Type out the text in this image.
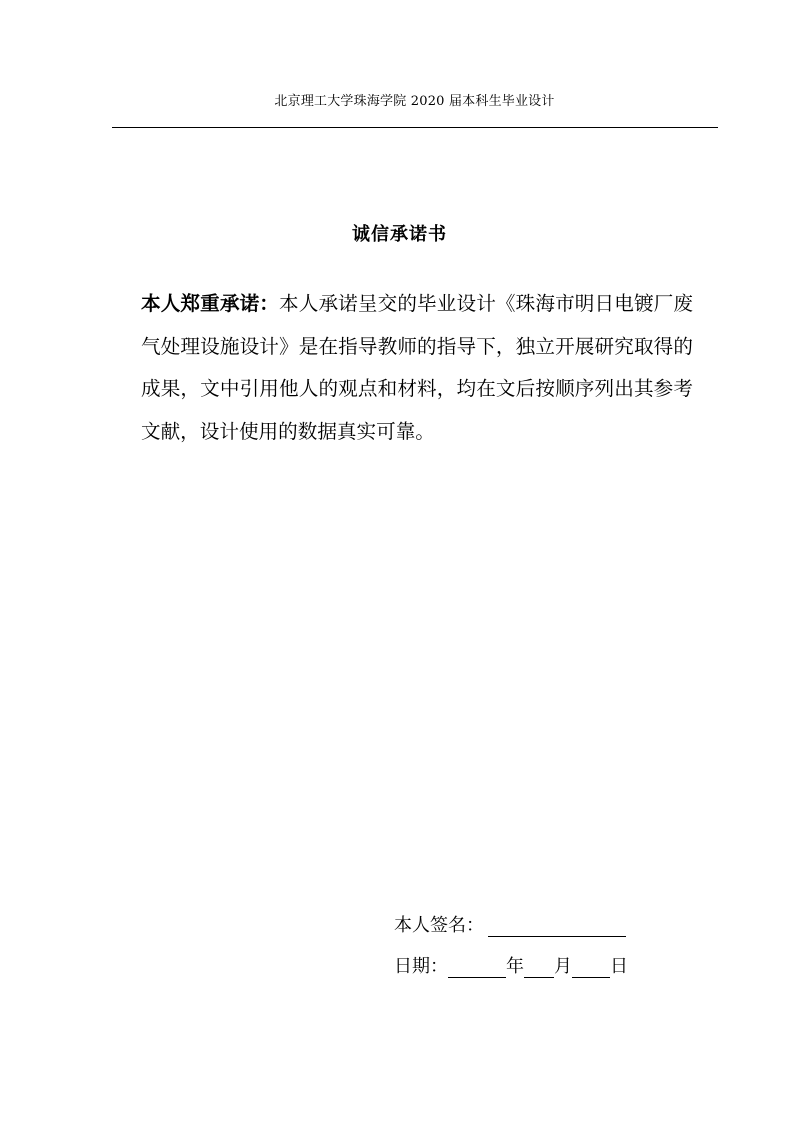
北京理工大学珠海学院 2020 届本科生毕业设计
诚信承诺书
本人郑重承诺：本人承诺呈交的毕业设计《珠海市明日电镀厂废气处理设施设计》是在指导教师的指导下，独立开展研究取得的成果，文中引用他人的观点和材料，均在文后按顺序列出其参考文献，设计使用的数据真实可靠。
本人签名：
日期：	年 月 日
